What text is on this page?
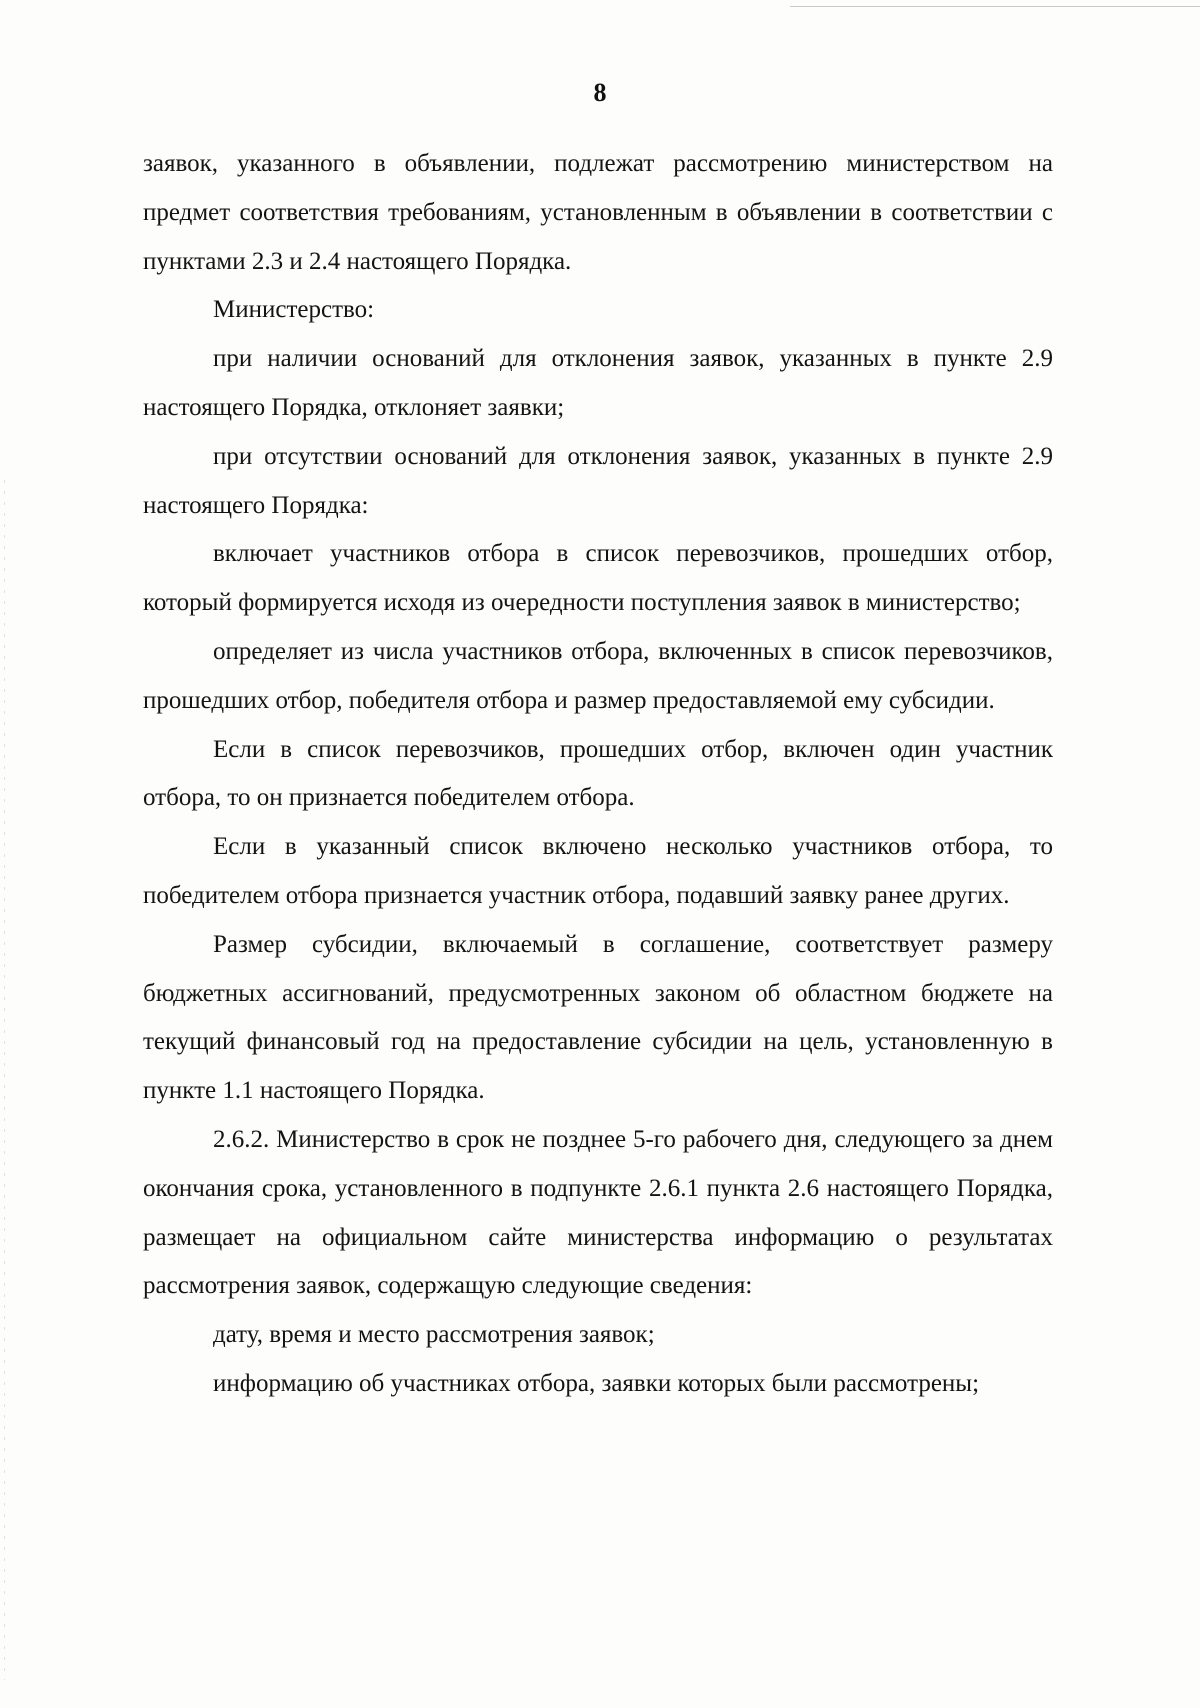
8

заявок, указанного в объявлении, подлежат рассмотрению министерством на предмет соответствия требованиям, установленным в объявлении в соответствии с пунктами 2.3 и 2.4 настоящего Порядка.

Министерство:

при наличии оснований для отклонения заявок, указанных в пункте 2.9 настоящего Порядка, отклоняет заявки;

при отсутствии оснований для отклонения заявок, указанных в пункте 2.9 настоящего Порядка:

включает участников отбора в список перевозчиков, прошедших отбор, который формируется исходя из очередности поступления заявок в министерство;

определяет из числа участников отбора, включенных в список перевозчиков, прошедших отбор, победителя отбора и размер предоставляемой ему субсидии.

Если в список перевозчиков, прошедших отбор, включен один участник отбора, то он признается победителем отбора.

Если в указанный список включено несколько участников отбора, то победителем отбора признается участник отбора, подавший заявку ранее других.

Размер субсидии, включаемый в соглашение, соответствует размеру бюджетных ассигнований, предусмотренных законом об областном бюджете на текущий финансовый год на предоставление субсидии на цель, установленную в пункте 1.1 настоящего Порядка.

2.6.2. Министерство в срок не позднее 5-го рабочего дня, следующего за днем окончания срока, установленного в подпункте 2.6.1 пункта 2.6 настоящего Порядка, размещает на официальном сайте министерства информацию о результатах рассмотрения заявок, содержащую следующие сведения:

дату, время и место рассмотрения заявок;

информацию об участниках отбора, заявки которых были рассмотрены;
